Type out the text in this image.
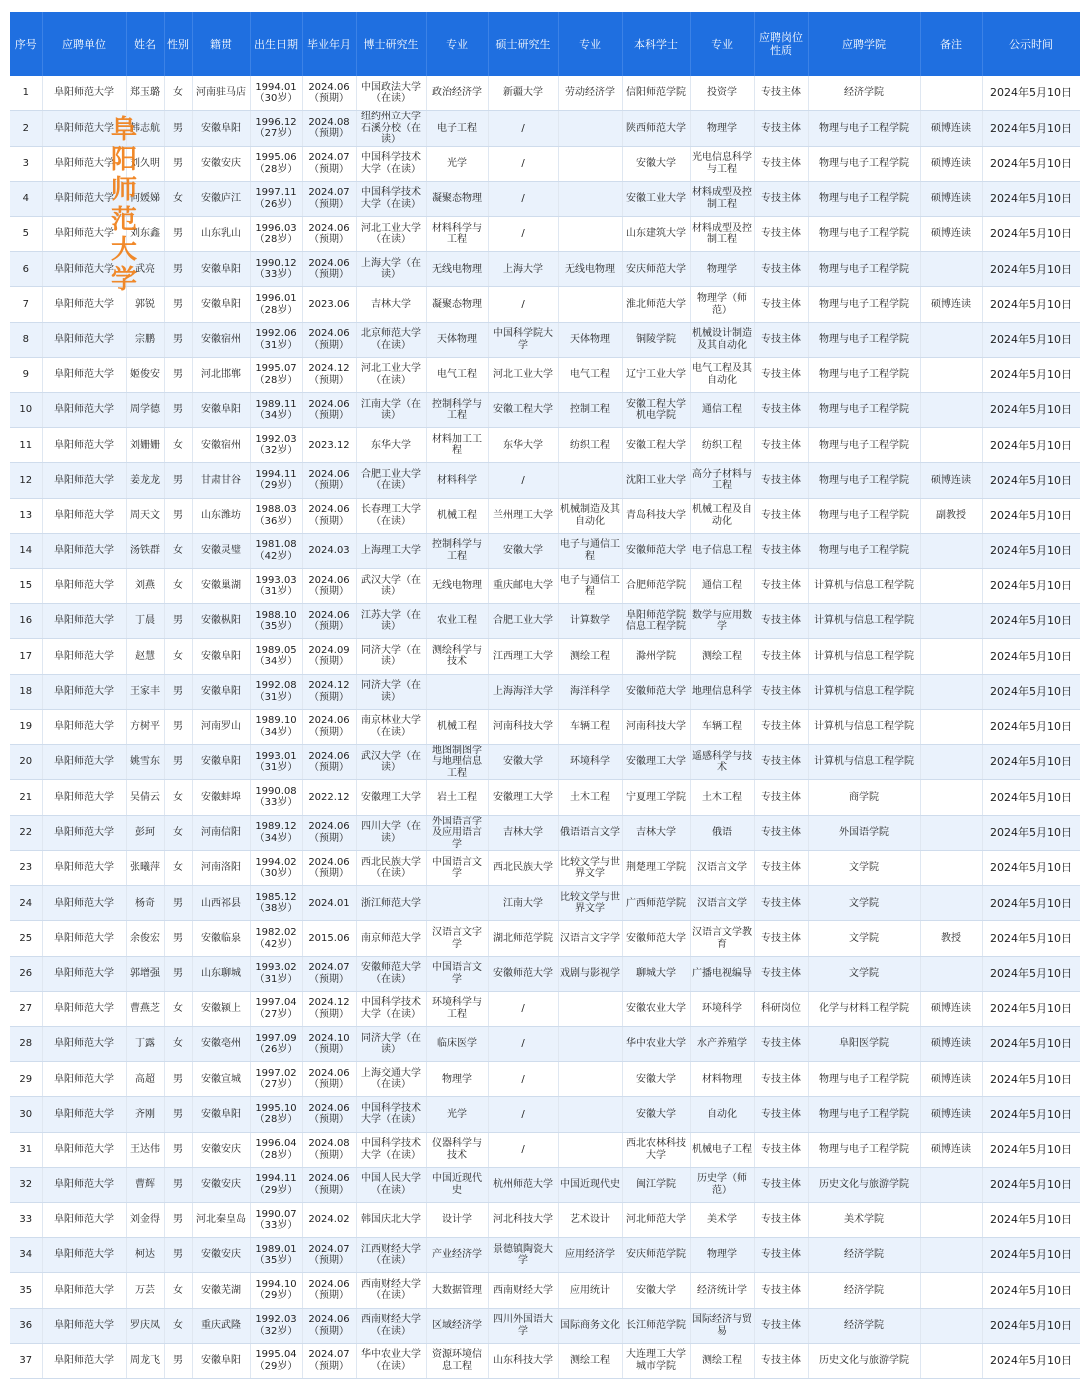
序号	应聘单位	姓名	性别	籍贯	出生日期	毕业年月	博士研究生	专业	硕士研究生	专业	本科学士	专业	应聘岗位性质	应聘学院	备注	公示时间
1	阜阳师范大学	郑玉璐	女	河南驻马店	1994.01（30岁）	2024.06（预期）	中国政法大学（在读）	政治经济学	新疆大学	劳动经济学	信阳师范学院	投资学	专技主体	经济学院		2024年5月10日
2	阜阳师范大学	韩志航	男	安徽阜阳	1996.12（27岁）	2024.08（预期）	纽约州立大学石溪分校（在读）	电子工程	/		陕西师范大学	物理学	专技主体	物理与电子工程学院	硕博连读	2024年5月10日
3	阜阳师范大学	刘久明	男	安徽安庆	1995.06（28岁）	2024.07（预期）	中国科学技术大学（在读）	光学	/		安徽大学	光电信息科学与工程	专技主体	物理与电子工程学院	硕博连读	2024年5月10日
4	阜阳师范大学	何媛娣	女	安徽庐江	1997.11（26岁）	2024.07（预期）	中国科学技术大学（在读）	凝聚态物理	/		安徽工业大学	材料成型及控制工程	专技主体	物理与电子工程学院	硕博连读	2024年5月10日
5	阜阳师范大学	刘东鑫	男	山东乳山	1996.03（28岁）	2024.06（预期）	河北工业大学（在读）	材料科学与工程	/		山东建筑大学	材料成型及控制工程	专技主体	物理与电子工程学院	硕博连读	2024年5月10日
6	阜阳师范大学	武亮	男	安徽阜阳	1990.12（33岁）	2024.06（预期）	上海大学（在读）	无线电物理	上海大学	无线电物理	安庆师范大学	物理学	专技主体	物理与电子工程学院		2024年5月10日
7	阜阳师范大学	郭锐	男	安徽阜阳	1996.01（28岁）	2023.06	吉林大学	凝聚态物理	/		淮北师范大学	物理学（师范）	专技主体	物理与电子工程学院	硕博连读	2024年5月10日
8	阜阳师范大学	宗鹏	男	安徽宿州	1992.06（31岁）	2024.06（预期）	北京师范大学（在读）	天体物理	中国科学院大学	天体物理	铜陵学院	机械设计制造及其自动化	专技主体	物理与电子工程学院		2024年5月10日
9	阜阳师范大学	姬俊安	男	河北邯郸	1995.07（28岁）	2024.12（预期）	河北工业大学（在读）	电气工程	河北工业大学	电气工程	辽宁工业大学	电气工程及其自动化	专技主体	物理与电子工程学院		2024年5月10日
10	阜阳师范大学	周学德	男	安徽阜阳	1989.11（34岁）	2024.06（预期）	江南大学（在读）	控制科学与工程	安徽工程大学	控制工程	安徽工程大学机电学院	通信工程	专技主体	物理与电子工程学院		2024年5月10日
11	阜阳师范大学	刘姗姗	女	安徽宿州	1992.03（32岁）	2023.12	东华大学	材料加工工程	东华大学	纺织工程	安徽工程大学	纺织工程	专技主体	物理与电子工程学院		2024年5月10日
12	阜阳师范大学	姜龙龙	男	甘肃甘谷	1994.11（29岁）	2024.06（预期）	合肥工业大学（在读）	材料科学	/		沈阳工业大学	高分子材料与工程	专技主体	物理与电子工程学院	硕博连读	2024年5月10日
13	阜阳师范大学	周天文	男	山东潍坊	1988.03（36岁）	2024.06（预期）	长春理工大学（在读）	机械工程	兰州理工大学	机械制造及其自动化	青岛科技大学	机械工程及自动化	专技主体	物理与电子工程学院	副教授	2024年5月10日
14	阜阳师范大学	汤铁群	女	安徽灵璧	1981.08（42岁）	2024.03	上海理工大学	控制科学与工程	安徽大学	电子与通信工程	安徽师范大学	电子信息工程	专技主体	物理与电子工程学院		2024年5月10日
15	阜阳师范大学	刘燕	女	安徽巢湖	1993.03（31岁）	2024.06（预期）	武汉大学（在读）	无线电物理	重庆邮电大学	电子与通信工程	合肥师范学院	通信工程	专技主体	计算机与信息工程学院		2024年5月10日
16	阜阳师范大学	丁晨	男	安徽枞阳	1988.10（35岁）	2024.06（预期）	江苏大学（在读）	农业工程	合肥工业大学	计算数学	阜阳师范学院信息工程学院	数学与应用数学	专技主体	计算机与信息工程学院		2024年5月10日
17	阜阳师范大学	赵慧	女	安徽阜阳	1989.05（34岁）	2024.09（预期）	同济大学（在读）	测绘科学与技术	江西理工大学	测绘工程	滁州学院	测绘工程	专技主体	计算机与信息工程学院		2024年5月10日
18	阜阳师范大学	王家丰	男	安徽阜阳	1992.08（31岁）	2024.12（预期）	同济大学（在读）		上海海洋大学	海洋科学	安徽师范大学	地理信息科学	专技主体	计算机与信息工程学院		2024年5月10日
19	阜阳师范大学	方树平	男	河南罗山	1989.10（34岁）	2024.06（预期）	南京林业大学（在读）	机械工程	河南科技大学	车辆工程	河南科技大学	车辆工程	专技主体	计算机与信息工程学院		2024年5月10日
20	阜阳师范大学	姚雪东	男	安徽阜阳	1993.01（31岁）	2024.06（预期）	武汉大学（在读）	地图制图学与地理信息工程	安徽大学	环境科学	安徽理工大学	遥感科学与技术	专技主体	计算机与信息工程学院		2024年5月10日
21	阜阳师范大学	吴倩云	女	安徽蚌埠	1990.08（33岁）	2022.12	安徽理工大学	岩土工程	安徽理工大学	土木工程	宁夏理工学院	土木工程	专技主体	商学院		2024年5月10日
22	阜阳师范大学	彭珂	女	河南信阳	1989.12（34岁）	2024.06（预期）	四川大学（在读）	外国语言学及应用语言学	吉林大学	俄语语言文学	吉林大学	俄语	专技主体	外国语学院		2024年5月10日
23	阜阳师范大学	张曦萍	女	河南洛阳	1994.02（30岁）	2024.06（预期）	西北民族大学（在读）	中国语言文学	西北民族大学	比较文学与世界文学	荆楚理工学院	汉语言文学	专技主体	文学院		2024年5月10日
24	阜阳师范大学	杨奇	男	山西祁县	1985.12（38岁）	2024.01	浙江师范大学		江南大学	比较文学与世界文学	广西师范学院	汉语言文学	专技主体	文学院		2024年5月10日
25	阜阳师范大学	余俊宏	男	安徽临泉	1982.02（42岁）	2015.06	南京师范大学	汉语言文字学	湖北师范学院	汉语言文字学	安徽师范大学	汉语言文学教育	专技主体	文学院	教授	2024年5月10日
26	阜阳师范大学	郭增强	男	山东聊城	1993.02（31岁）	2024.07（预期）	安徽师范大学（在读）	中国语言文学	安徽师范大学	戏剧与影视学	聊城大学	广播电视编导	专技主体	文学院		2024年5月10日
27	阜阳师范大学	曹燕芝	女	安徽颍上	1997.04（27岁）	2024.12（预期）	中国科学技术大学（在读）	环境科学与工程	/		安徽农业大学	环境科学	科研岗位	化学与材料工程学院	硕博连读	2024年5月10日
28	阜阳师范大学	丁露	女	安徽亳州	1997.09（26岁）	2024.10（预期）	同济大学（在读）	临床医学	/		华中农业大学	水产养殖学	专技主体	阜阳医学院	硕博连读	2024年5月10日
29	阜阳师范大学	高超	男	安徽宣城	1997.02（27岁）	2024.06（预期）	上海交通大学（在读）	物理学	/		安徽大学	材料物理	专技主体	物理与电子工程学院	硕博连读	2024年5月10日
30	阜阳师范大学	齐刚	男	安徽阜阳	1995.10（28岁）	2024.06（预期）	中国科学技术大学（在读）	光学	/		安徽大学	自动化	专技主体	物理与电子工程学院	硕博连读	2024年5月10日
31	阜阳师范大学	王达伟	男	安徽安庆	1996.04（28岁）	2024.08（预期）	中国科学技术大学（在读）	仪器科学与技术	/		西北农林科技大学	机械电子工程	专技主体	物理与电子工程学院	硕博连读	2024年5月10日
32	阜阳师范大学	曹辉	男	安徽安庆	1994.11（29岁）	2024.06（预期）	中国人民大学（在读）	中国近现代史	杭州师范大学	中国近现代史	闽江学院	历史学（师范）	专技主体	历史文化与旅游学院		2024年5月10日
33	阜阳师范大学	刘金得	男	河北秦皇岛	1990.07（33岁）	2024.02	韩国庆北大学	设计学	河北科技大学	艺术设计	河北师范大学	美术学	专技主体	美术学院		2024年5月10日
34	阜阳师范大学	柯达	男	安徽安庆	1989.01（35岁）	2024.07（预期）	江西财经大学（在读）	产业经济学	景德镇陶瓷大学	应用经济学	安庆师范学院	物理学	专技主体	经济学院		2024年5月10日
35	阜阳师范大学	万芸	女	安徽芜湖	1994.10（29岁）	2024.06（预期）	西南财经大学（在读）	大数据管理	西南财经大学	应用统计	安徽大学	经济统计学	专技主体	经济学院		2024年5月10日
36	阜阳师范大学	罗庆凤	女	重庆武隆	1992.03（32岁）	2024.06（预期）	西南财经大学（在读）	区域经济学	四川外国语大学	国际商务文化	长江师范学院	国际经济与贸易	专技主体	经济学院		2024年5月10日
37	阜阳师范大学	周龙飞	男	安徽阜阳	1995.04（29岁）	2024.07（预期）	华中农业大学（在读）	资源环境信息工程	山东科技大学	测绘工程	大连理工大学城市学院	测绘工程	专技主体	历史文化与旅游学院		2024年5月10日
阜阳师范大学
